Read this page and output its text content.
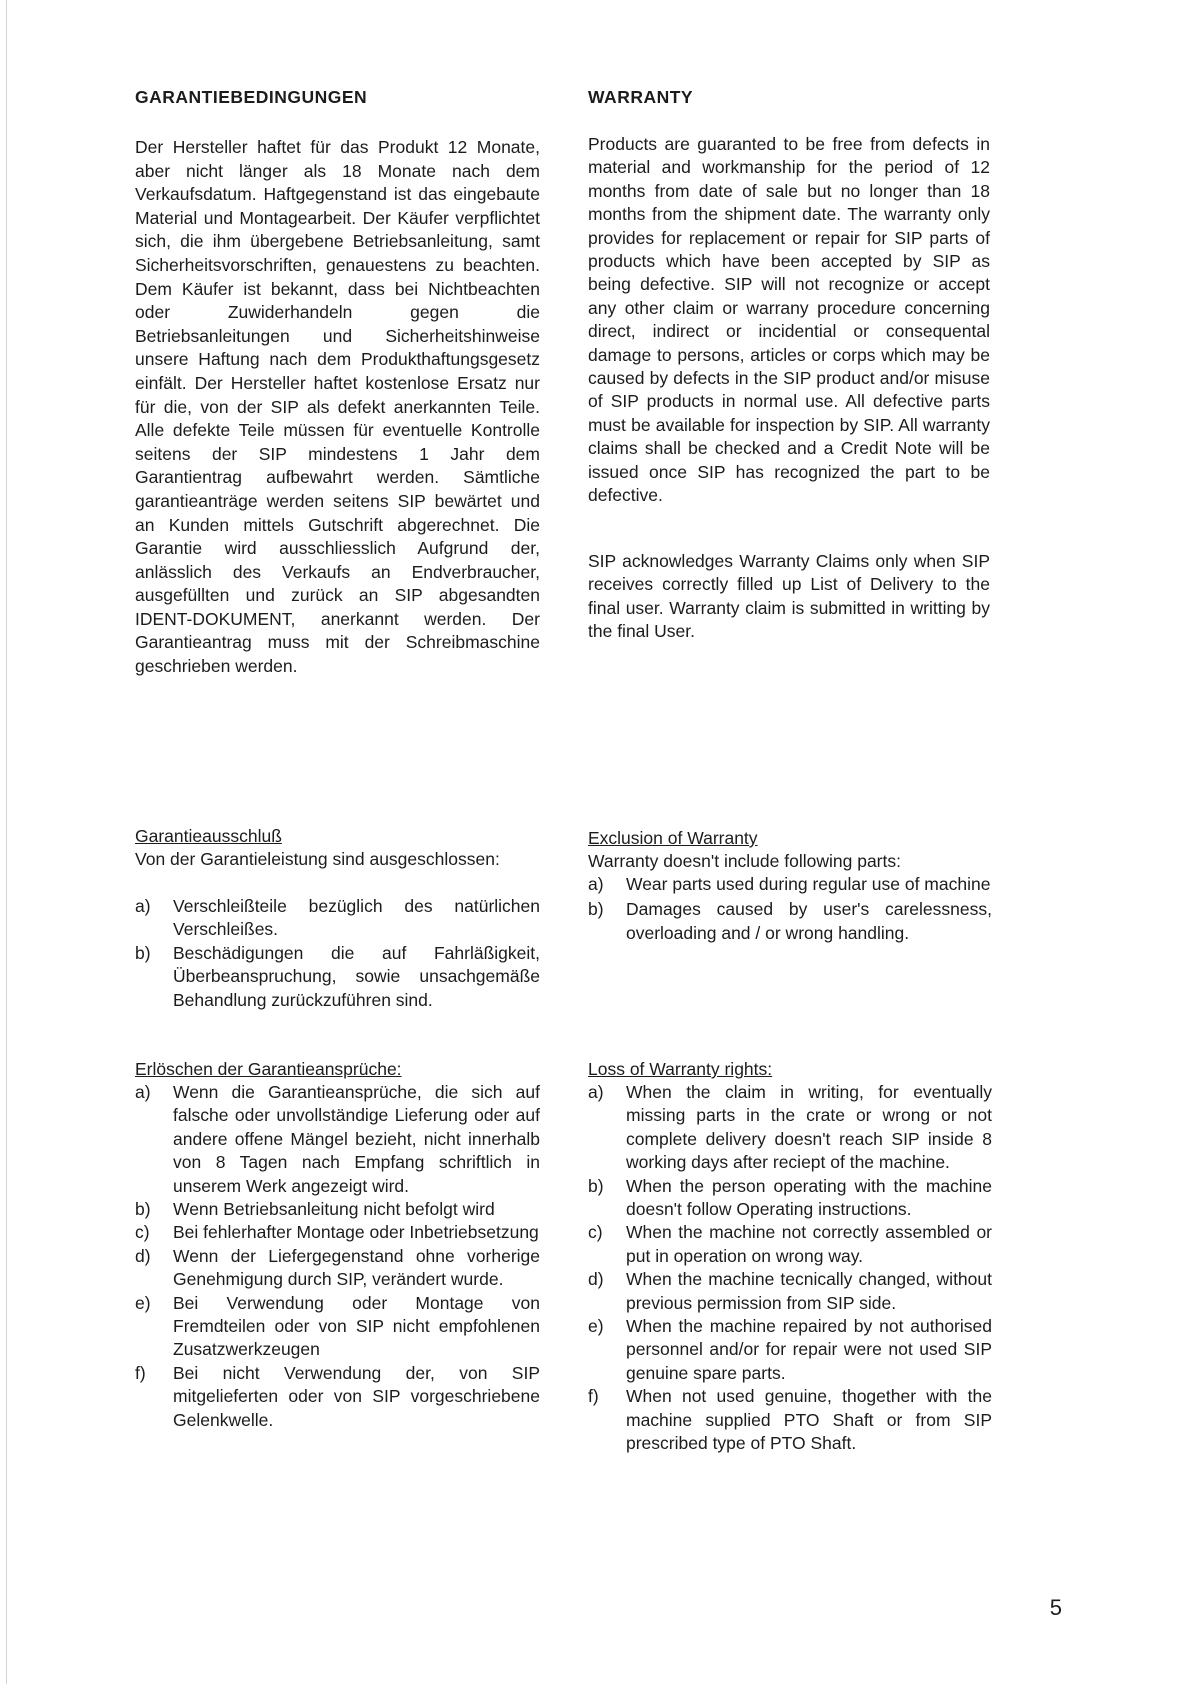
GARANTIEBEDINGUNGEN

Der Hersteller haftet für das Produkt 12 Monate, aber nicht länger als 18 Monate nach dem Verkaufsdatum. Haftgegenstand ist das eingebaute Material und Montagearbeit. Der Käufer verpflichtet sich, die ihm übergebene Betriebsanleitung, samt Sicherheitsvorschriften, genauestens zu beachten. Dem Käufer ist bekannt, dass bei Nichtbeachten oder Zuwiderhandeln gegen die Betriebsanleitungen und Sicherheitshinweise unsere Haftung nach dem Produkthaftungsgesetz einfält. Der Hersteller haftet kostenlose Ersatz nur für die, von der SIP als defekt anerkannten Teile. Alle defekte Teile müssen für eventuelle Kontrolle seitens der SIP mindestens 1 Jahr dem Garantientrag aufbewahrt werden. Sämtliche garantieanträge werden seitens SIP bewärtet und an Kunden mittels Gutschrift abgerechnet. Die Garantie wird ausschliesslich Aufgrund der, anlässlich des Verkaufs an Endverbraucher, ausgefüllten und zurück an SIP abgesandten IDENT-DOKUMENT, anerkannt werden. Der Garantieantrag muss mit der Schreibmaschine geschrieben werden.

Garantieausschluß

Von der Garantieleistung sind ausgeschlossen:

a) Verschleißteile bezüglich des natürlichen Verschleißes.
b) Beschädigungen die auf Fahrläßigkeit, Überbeanspruchung, sowie unsachgemäße Behandlung zurückzuführen sind.
Erlöschen der Garantieansprüche:
a) Wenn die Garantieansprüche, die sich auf falsche oder unvollständige Lieferung oder auf andere offene Mängel bezieht, nicht innerhalb von 8 Tagen nach Empfang schriftlich in unserem Werk angezeigt wird.
b) Wenn Betriebsanleitung nicht befolgt wird
c) Bei fehlerhafter Montage oder Inbetriebsetzung
d) Wenn der Liefergegenstand ohne vorherige Genehmigung durch SIP, verändert wurde.
e) Bei Verwendung oder Montage von Fremdteilen oder von SIP nicht empfohlenen Zusatzwerkzeugen
f) Bei nicht Verwendung der, von SIP mitgelieferten oder von SIP vorgeschriebene Gelenkwelle.
WARRANTY

Products are guaranted to be free from defects in material and workmanship for the period of 12 months from date of sale but no longer than 18 months from the shipment date. The warranty only provides for replacement or repair for SIP parts of products which have been accepted by SIP as being defective. SIP will not recognize or accept any other claim or warrany procedure concerning direct, indirect or incidential or consequental damage to persons, articles or corps which may be caused by defects in the SIP product and/or misuse of SIP products in normal use. All defective parts must be available for inspection by SIP. All warranty claims shall be checked and a Credit Note will be issued once SIP has recognized the part to be defective.

SIP acknowledges Warranty Claims only when SIP receives correctly filled up List of Delivery to the final user. Warranty claim is submitted in writting by the final User.

Exclusion of Warranty

Warranty doesn't include following parts:

a) Wear parts used during regular use of machine
b) Damages caused by user's carelessness, overloading and / or wrong handling.
Loss of Warranty rights:
a) When the claim in writing, for eventually missing parts in the crate or wrong or not complete delivery doesn't reach SIP inside 8 working days after reciept of the machine.
b) When the person operating with the machine doesn't follow Operating instructions.
c) When the machine not correctly assembled or put in operation on wrong way.
d) When the machine tecnically changed, without previous permission from SIP side.
e) When the machine repaired by not authorised personnel and/or for repair were not used SIP genuine spare parts.
f) When not used genuine, thogether with the machine supplied PTO Shaft or from SIP prescribed type of PTO Shaft.
5
